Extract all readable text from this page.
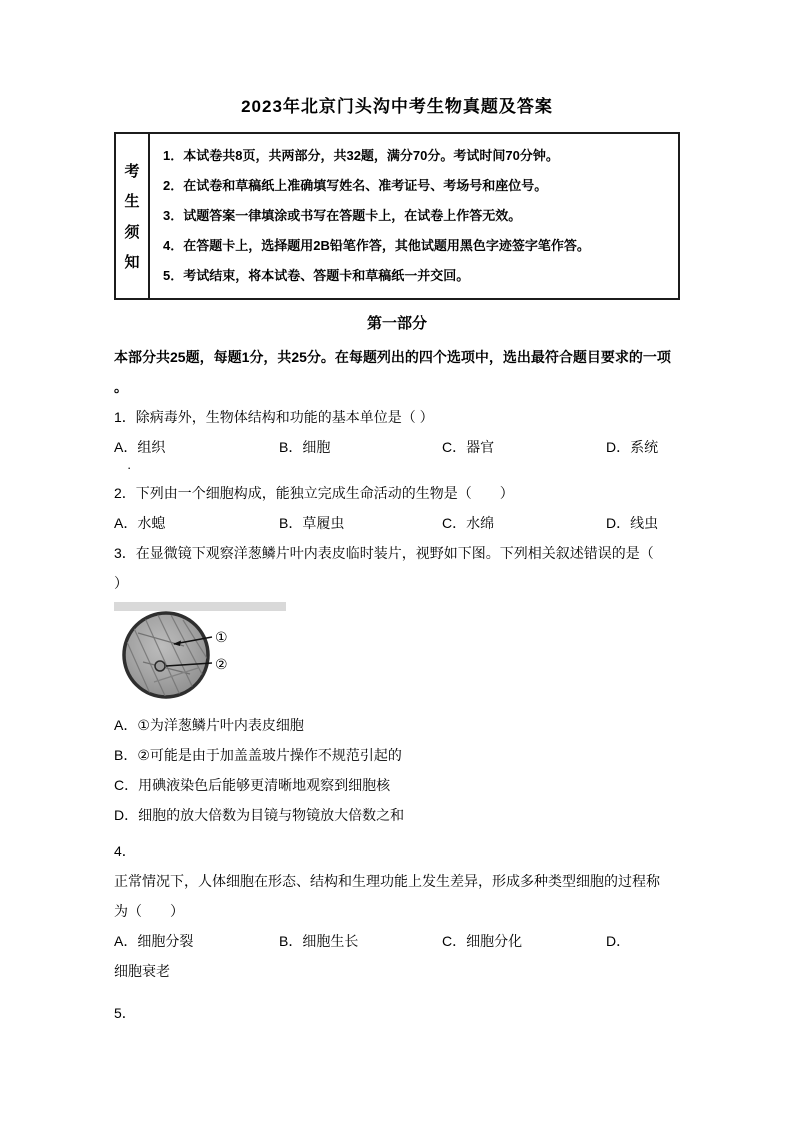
2023年北京门头沟中考生物真题及答案
考
生
须
知
1．本试卷共8页，共两部分，共32题，满分70分。考试时间70分钟。
2．在试卷和草稿纸上准确填写姓名、准考证号、考场号和座位号。
3．试题答案一律填涂或书写在答题卡上，在试卷上作答无效。
4．在答题卡上，选择题用2B铅笔作答，其他试题用黑色字迹签字笔作答。
5．考试结束，将本试卷、答题卡和草稿纸一并交回。
第一部分
本部分共25题，每题1分，共25分。在每题列出的四个选项中，选出最符合题目要求的一项
。
1．除病毒外，生物体结构和功能的基本单位是（ ）
A．组织	B．细胞	C．器官	D．系统
·
2．下列由一个细胞构成，能独立完成生命活动的生物是（　　）
A．水螅	B．草履虫	C．水绵	D．线虫
3．在显微镜下观察洋葱鳞片叶内表皮临时装片，视野如下图。下列相关叙述错误的是（
）
①
②
A．①为洋葱鳞片叶内表皮细胞
B．②可能是由于加盖盖玻片操作不规范引起的
C．用碘液染色后能够更清晰地观察到细胞核
D．细胞的放大倍数为目镜与物镜放大倍数之和
4．
正常情况下，人体细胞在形态、结构和生理功能上发生差异，形成多种类型细胞的过程称
为（　　）
A．细胞分裂	B．细胞生长	C．细胞分化	D．
细胞衰老
5．
